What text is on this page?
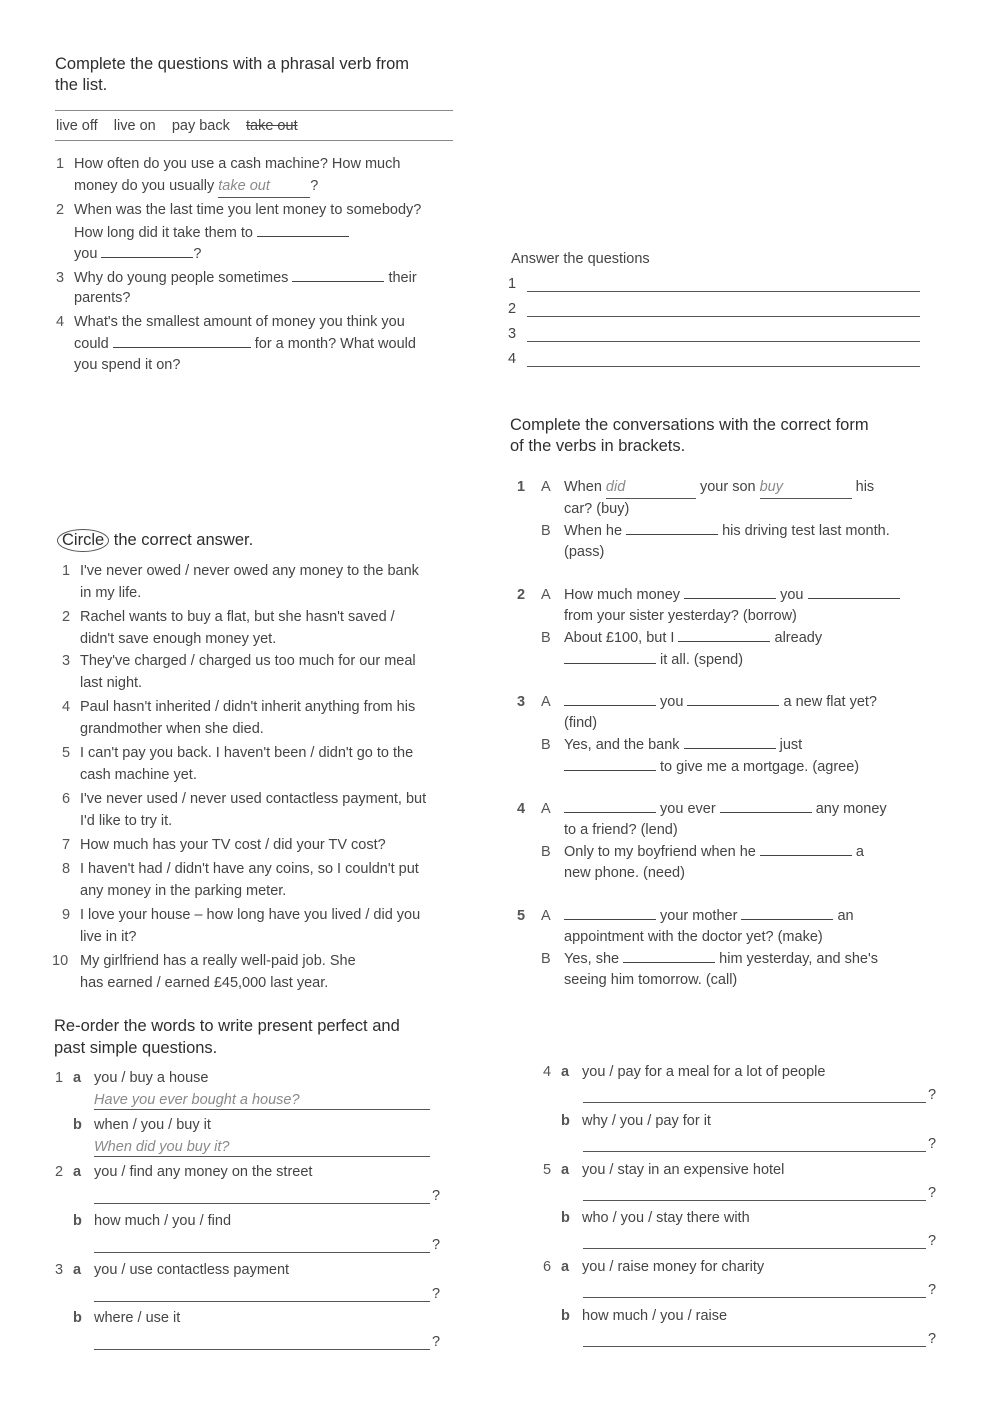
Complete the questions with a phrasal verb from
the list.
live off live on pay back take out
1 How often do you use a cash machine? How much
money do you usually take out	?
2 When was the last time you lent money to somebody?
How long did it take them to
you	?
3 Why do young people sometimes	their
parents?
4 What's the smallest amount of money you think you
could	for a month? What would
you spend it on?
Answer the questions
1
2
3
4
Circle the correct answer.
1 I've never owed / never owed any money to the bank
in my life.
2 Rachel wants to buy a flat, but she hasn't saved /
didn't save enough money yet.
3 They've charged / charged us too much for our meal
last night.
4 Paul hasn't inherited / didn't inherit anything from his
grandmother when she died.
5 I can't pay you back. I haven't been / didn't go to the
cash machine yet.
6 I've never used / never used contactless payment, but
I'd like to try it.
7 How much has your TV cost / did your TV cost?
8 I haven't had / didn't have any coins, so I couldn't put
any money in the parking meter.
9 I love your house – how long have you lived / did you
live in it?
10 My girlfriend has a really well-paid job. She
has earned / earned £45,000 last year.
Complete the conversations with the correct form
of the verbs in brackets.
1 A When did	your son buy	his
car? (buy)
B When he	his driving test last month.
(pass)
2 A How much money	you
from your sister yesterday? (borrow)
B About £100, but I	already
it all. (spend)
3 A	you	a new flat yet?
(find)
B Yes, and the bank	just
to give me a mortgage. (agree)
4 A	you ever	any money
to a friend? (lend)
B Only to my boyfriend when he	a
new phone. (need)
5 A	your mother	an
appointment with the doctor yet? (make)
B Yes, she	him yesterday, and she's
seeing him tomorrow. (call)
Re-order the words to write present perfect and
past simple questions.
1 a you / buy a house
Have you ever bought a house?
b when / you / buy it
When did you buy it?
2 a you / find any money on the street
?
b how much / you / find
?
3 a you / use contactless payment
?
b where / use it
?
4 a you / pay for a meal for a lot of people
?
b why / you / pay for it
?
5 a you / stay in an expensive hotel
?
b who / you / stay there with
?
6 a you / raise money for charity
?
b how much / you / raise
?
